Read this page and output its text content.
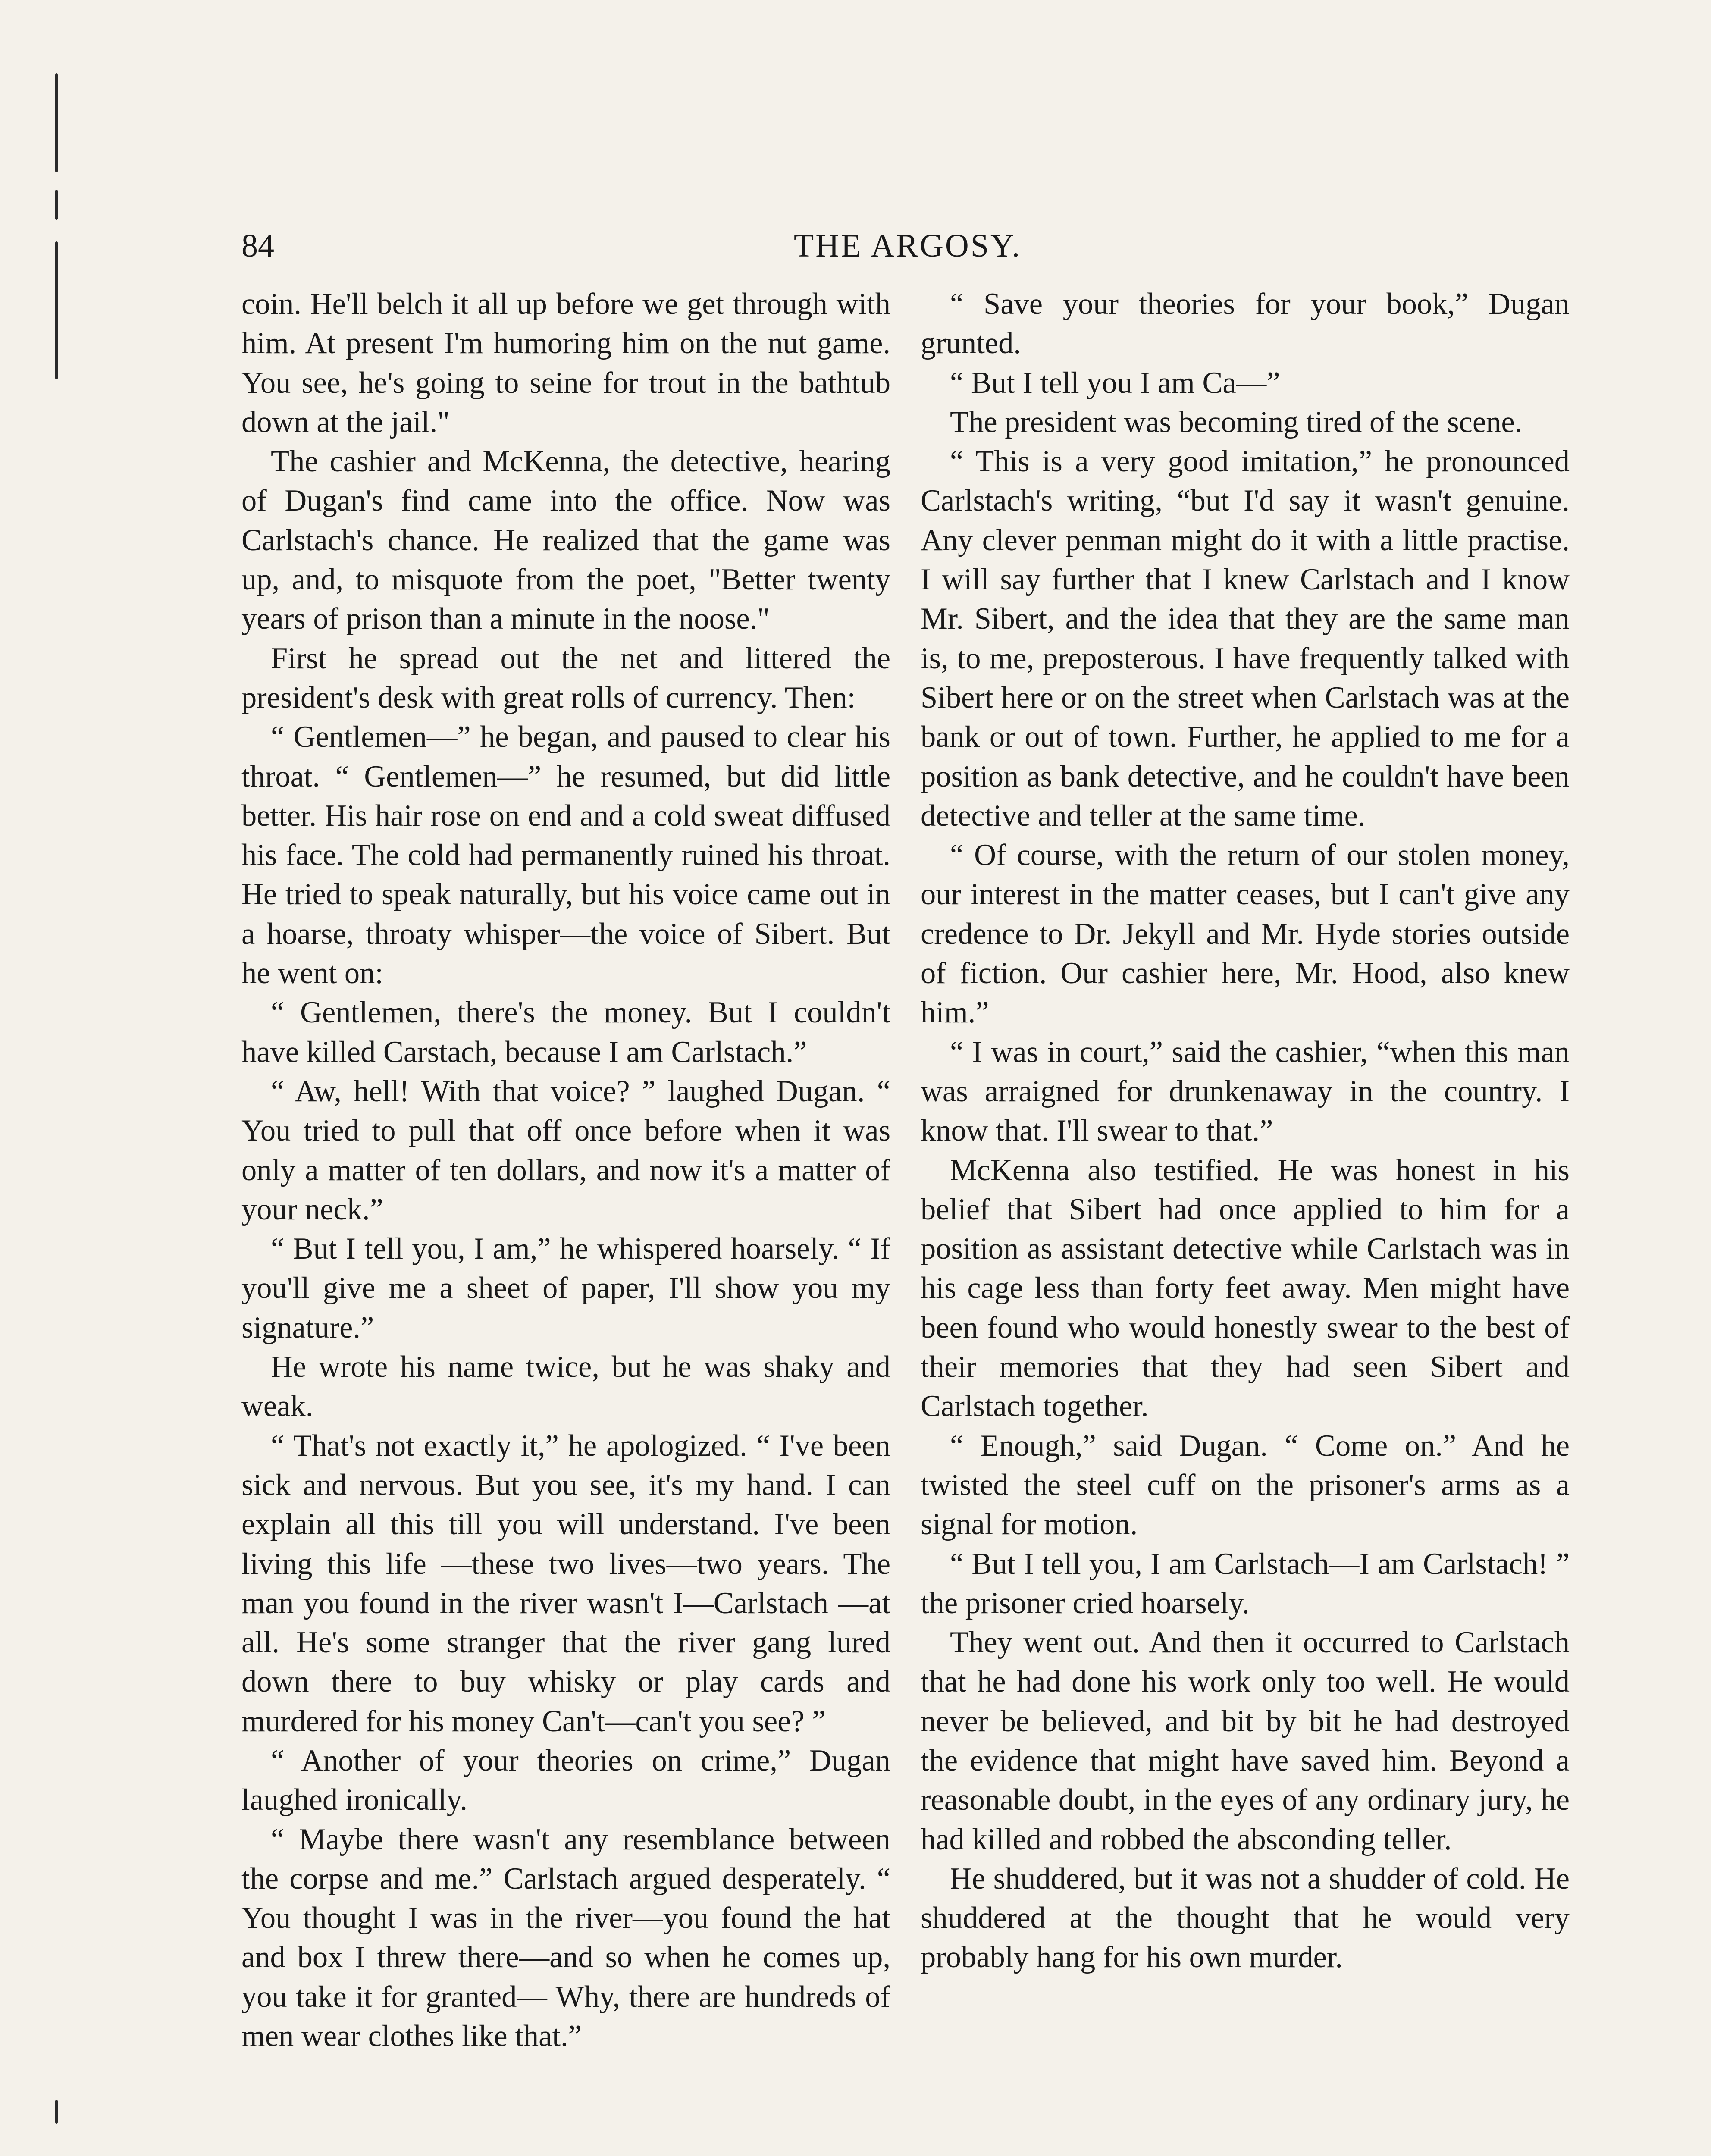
84	THE ARGOSY.

coin. He'll belch it all up before we get through with him. At present I'm humoring him on the nut game. You see, he's going to seine for trout in the bathtub down at the jail."

The cashier and McKenna, the detective, hearing of Dugan's find came into the office. Now was Carlstach's chance. He realized that the game was up, and, to misquote from the poet, "Better twenty years of prison than a minute in the noose."

First he spread out the net and littered the president's desk with great rolls of currency. Then:

“ Gentlemen—” he began, and paused to clear his throat. “ Gentlemen—” he resumed, but did little better. His hair rose on end and a cold sweat diffused his face. The cold had permanently ruined his throat. He tried to speak naturally, but his voice came out in a hoarse, throaty whisper—the voice of Sibert. But he went on:

“ Gentlemen, there's the money. But I couldn't have killed Carstach, because I am Carlstach.”

“ Aw, hell! With that voice? ” laughed Dugan. “ You tried to pull that off once before when it was only a matter of ten dollars, and now it's a matter of your neck.”

“ But I tell you, I am,” he whispered hoarsely. “ If you'll give me a sheet of paper, I'll show you my signature.”

He wrote his name twice, but he was shaky and weak.

“ That's not exactly it,” he apologized. “ I've been sick and nervous. But you see, it's my hand. I can explain all this till you will understand. I've been living this life —these two lives—two years. The man you found in the river wasn't I—Carlstach —at all. He's some stranger that the river gang lured down there to buy whisky or play cards and murdered for his money Can't—can't you see? ”

“ Another of your theories on crime,” Dugan laughed ironically.

“ Maybe there wasn't any resemblance between the corpse and me.” Carlstach argued desperately. “ You thought I was in the river—you found the hat and box I threw there—and so when he comes up, you take it for granted— Why, there are hundreds of men wear clothes like that.”

“ Save your theories for your book,” Dugan grunted.

“ But I tell you I am Ca—”

The president was becoming tired of the scene.

“ This is a very good imitation,” he pronounced Carlstach's writing, “but I'd say it wasn't genuine. Any clever penman might do it with a little practise. I will say further that I knew Carlstach and I know Mr. Sibert, and the idea that they are the same man is, to me, preposterous. I have frequently talked with Sibert here or on the street when Carlstach was at the bank or out of town. Further, he applied to me for a position as bank detective, and he couldn't have been detective and teller at the same time.

“ Of course, with the return of our stolen money, our interest in the matter ceases, but I can't give any credence to Dr. Jekyll and Mr. Hyde stories outside of fiction. Our cashier here, Mr. Hood, also knew him.”

“ I was in court,” said the cashier, “when this man was arraigned for drunkenaway in the country. I know that. I'll swear to that.”

McKenna also testified. He was honest in his belief that Sibert had once applied to him for a position as assistant detective while Carlstach was in his cage less than forty feet away. Men might have been found who would honestly swear to the best of their memories that they had seen Sibert and Carlstach together.

“ Enough,” said Dugan. “ Come on.” And he twisted the steel cuff on the prisoner's arms as a signal for motion.

“ But I tell you, I am Carlstach—I am Carlstach! ” the prisoner cried hoarsely.

They went out. And then it occurred to Carlstach that he had done his work only too well. He would never be believed, and bit by bit he had destroyed the evidence that might have saved him. Beyond a reasonable doubt, in the eyes of any ordinary jury, he had killed and robbed the absconding teller.

He shuddered, but it was not a shudder of cold. He shuddered at the thought that he would very probably hang for his own murder.
